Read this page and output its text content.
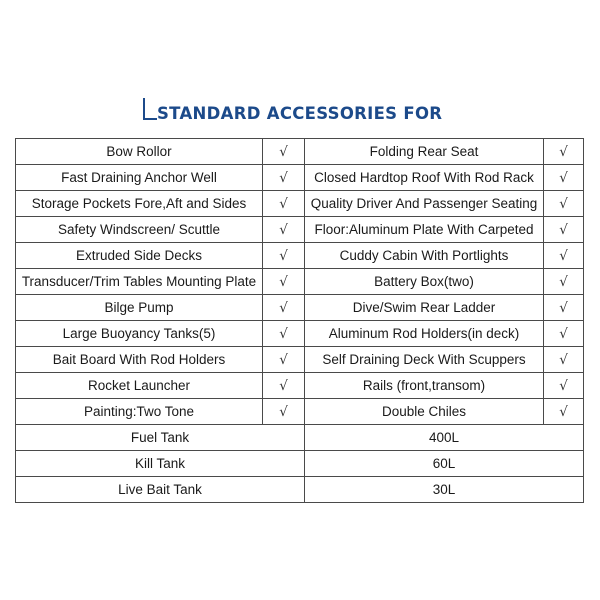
STANDARD ACCESSORIES FOR
Bow Rollor	√	Folding Rear Seat	√
Fast Draining Anchor Well	√	Closed Hardtop Roof With Rod Rack	√
Storage Pockets Fore,Aft and Sides	√	Quality Driver And Passenger Seating	√
Safety Windscreen/ Scuttle	√	Floor:Aluminum Plate With Carpeted	√
Extruded Side Decks	√	Cuddy Cabin With Portlights	√
Transducer/Trim Tables Mounting Plate	√	Battery Box(two)	√
Bilge Pump	√	Dive/Swim Rear Ladder	√
Large Buoyancy Tanks(5)	√	Aluminum Rod Holders(in deck)	√
Bait Board With Rod Holders	√	Self Draining Deck With Scuppers	√
Rocket Launcher	√	Rails (front,transom)	√
Painting:Two Tone	√	Double Chiles	√
Fuel Tank		400L	
Kill Tank		60L	
Live Bait Tank		30L	
